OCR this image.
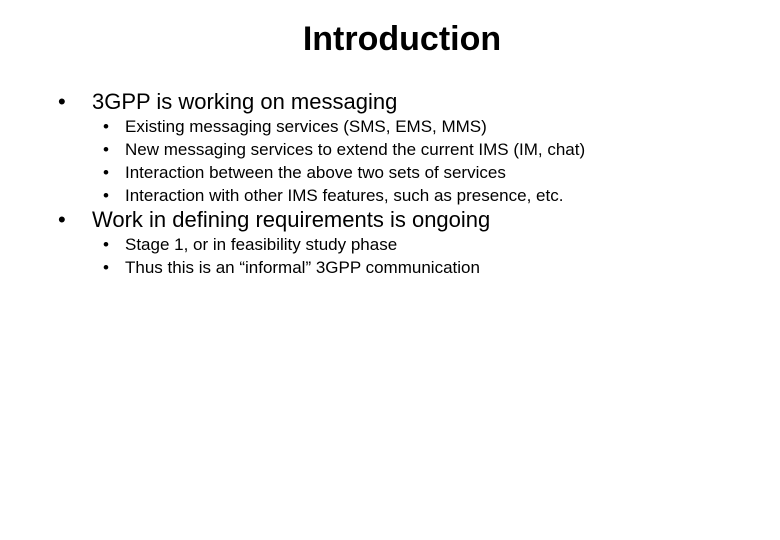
Introduction
• 3GPP is working on messaging
• Existing messaging services (SMS, EMS, MMS)
• New messaging services to extend the current IMS (IM, chat)
• Interaction between the above two sets of services
• Interaction with other IMS features, such as presence, etc.
• Work in defining requirements is ongoing
• Stage 1, or in feasibility study phase
• Thus this is an “informal” 3GPP communication
